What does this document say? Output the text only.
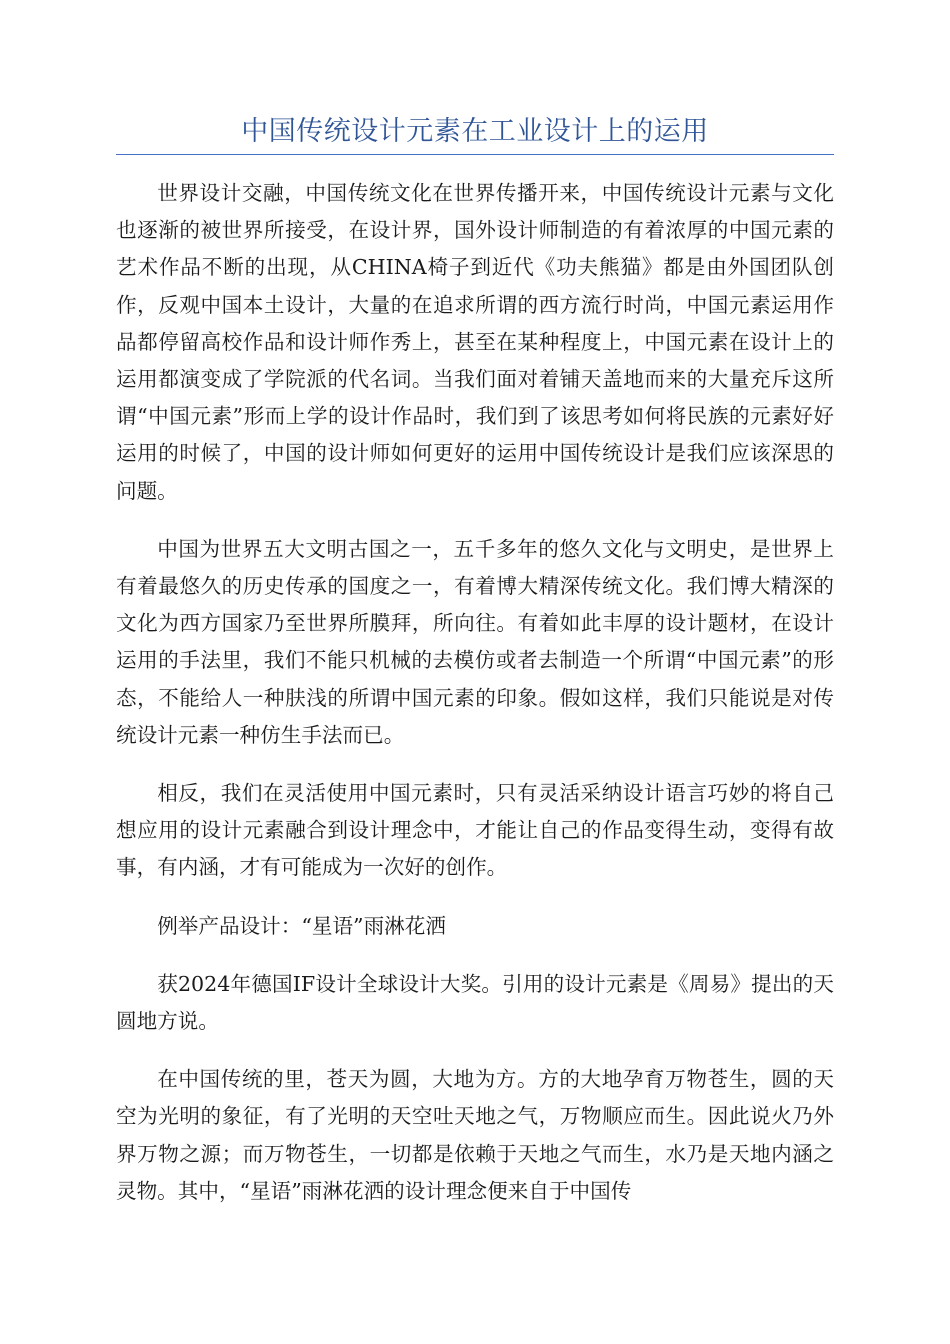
中国传统设计元素在工业设计上的运用

世界设计交融，中国传统文化在世界传播开来，中国传统设计元素与文化也逐渐的被世界所接受，在设计界，国外设计师制造的有着浓厚的中国元素的艺术作品不断的出现，从CHINA椅子到近代《功夫熊猫》都是由外国团队创作，反观中国本土设计，大量的在追求所谓的西方流行时尚，中国元素运用作品都停留高校作品和设计师作秀上，甚至在某种程度上，中国元素在设计上的运用都演变成了学院派的代名词。当我们面对着铺天盖地而来的大量充斥这所谓“中国元素”形而上学的设计作品时，我们到了该思考如何将民族的元素好好运用的时候了，中国的设计师如何更好的运用中国传统设计是我们应该深思的问题。

中国为世界五大文明古国之一，五千多年的悠久文化与文明史，是世界上有着最悠久的历史传承的国度之一，有着博大精深传统文化。我们博大精深的文化为西方国家乃至世界所膜拜，所向往。有着如此丰厚的设计题材，在设计运用的手法里，我们不能只机械的去模仿或者去制造一个所谓“中国元素”的形态，不能给人一种肤浅的所谓中国元素的印象。假如这样，我们只能说是对传统设计元素一种仿生手法而已。

相反，我们在灵活使用中国元素时，只有灵活采纳设计语言巧妙的将自己想应用的设计元素融合到设计理念中，才能让自己的作品变得生动，变得有故事，有内涵，才有可能成为一次好的创作。

例举产品设计：“星语”雨淋花洒

获2024年德国IF设计全球设计大奖。引用的设计元素是《周易》提出的天圆地方说。

在中国传统的里，苍天为圆，大地为方。方的大地孕育万物苍生，圆的天空为光明的象征，有了光明的天空吐天地之气，万物顺应而生。因此说火乃外界万物之源；而万物苍生，一切都是依赖于天地之气而生，水乃是天地内涵之灵物。其中，“星语”雨淋花洒的设计理念便来自于中国传
